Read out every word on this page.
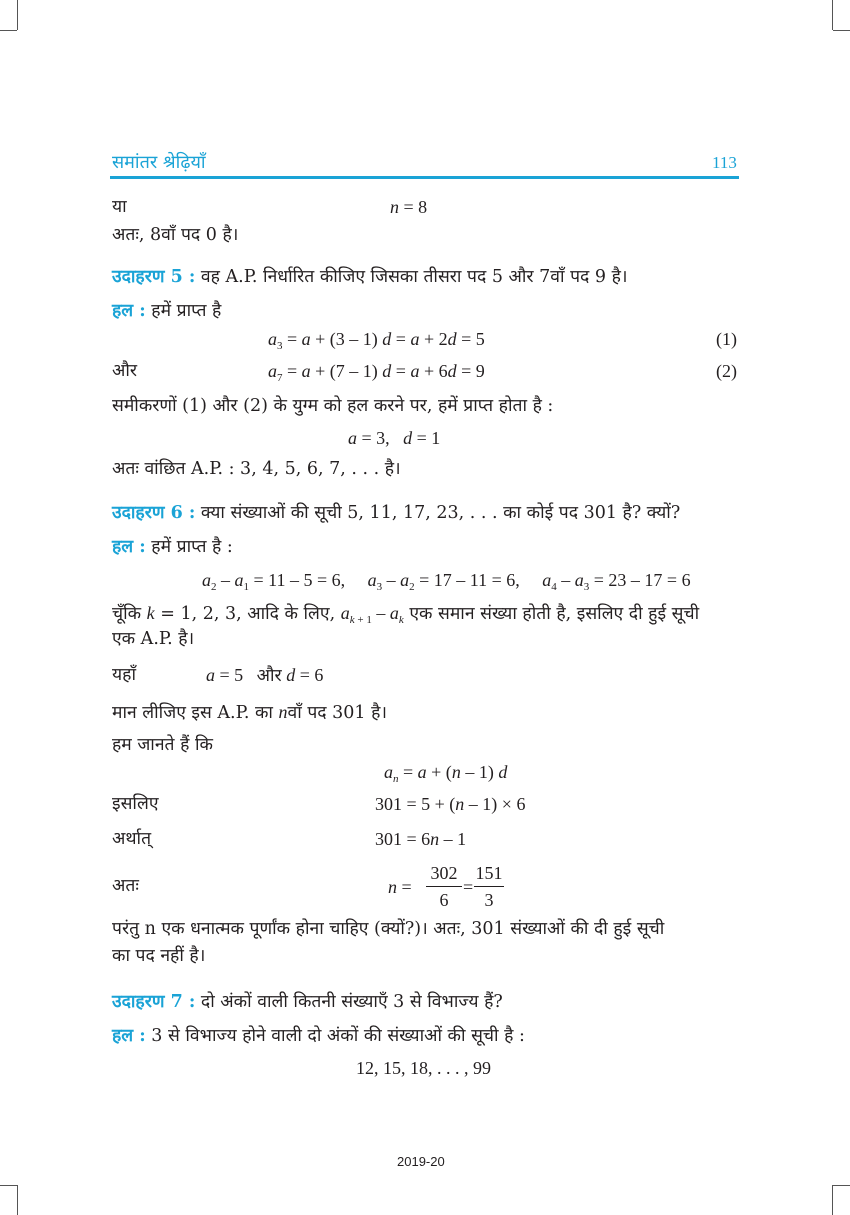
समांतर श्रेढ़ियाँ	113
या	n = 8
अतः, 8वाँ पद 0 है।
उदाहरण 5 : वह A.P. निर्धारित कीजिए जिसका तीसरा पद 5 और 7वाँ पद 9 है।
हल : हमें प्राप्त है
$a_3 = a + (3 - 1) d = a + 2d = 5$	(1)
और	$a_7 = a + (7 - 1) d = a + 6d = 9$	(2)
समीकरणों (1) और (2) के युग्म को हल करने पर, हमें प्राप्त होता है :
a = 3,   d = 1
अतः वांछित A.P. : 3, 4, 5, 6, 7, . . . है।
उदाहरण 6 : क्या संख्याओं की सूची 5, 11, 17, 23, . . . का कोई पद 301 है? क्यों?
हल : हमें प्राप्त है :
$a_2 - a_1 = 11 - 5 = 6$,     $a_3 - a_2 = 17 - 11 = 6$,     $a_4 - a_3 = 23 - 17 = 6$
चूँकि k = 1, 2, 3, आदि के लिए, $a_{k + 1} - a_k$ एक समान संख्या होती है, इसलिए दी हुई सूची
एक A.P. है।
यहाँ	a = 5   और d = 6
मान लीजिए इस A.P. का nवाँ पद 301 है।
हम जानते हैं कि
$a_n = a + (n - 1)$ d
इसलिए	301 = 5 + (n – 1) × 6
अर्थात्	301 = 6n – 1
अतः	n =
302
6
=
151
3
परंतु n एक धनात्मक पूर्णांक होना चाहिए (क्यों?)। अतः, 301 संख्याओं की दी हुई सूची
का पद नहीं है।
उदाहरण 7 : दो अंकों वाली कितनी संख्याएँ 3 से विभाज्य हैं?
हल : 3 से विभाज्य होने वाली दो अंकों की संख्याओं की सूची है :
12, 15, 18, . . . , 99
2019-20
